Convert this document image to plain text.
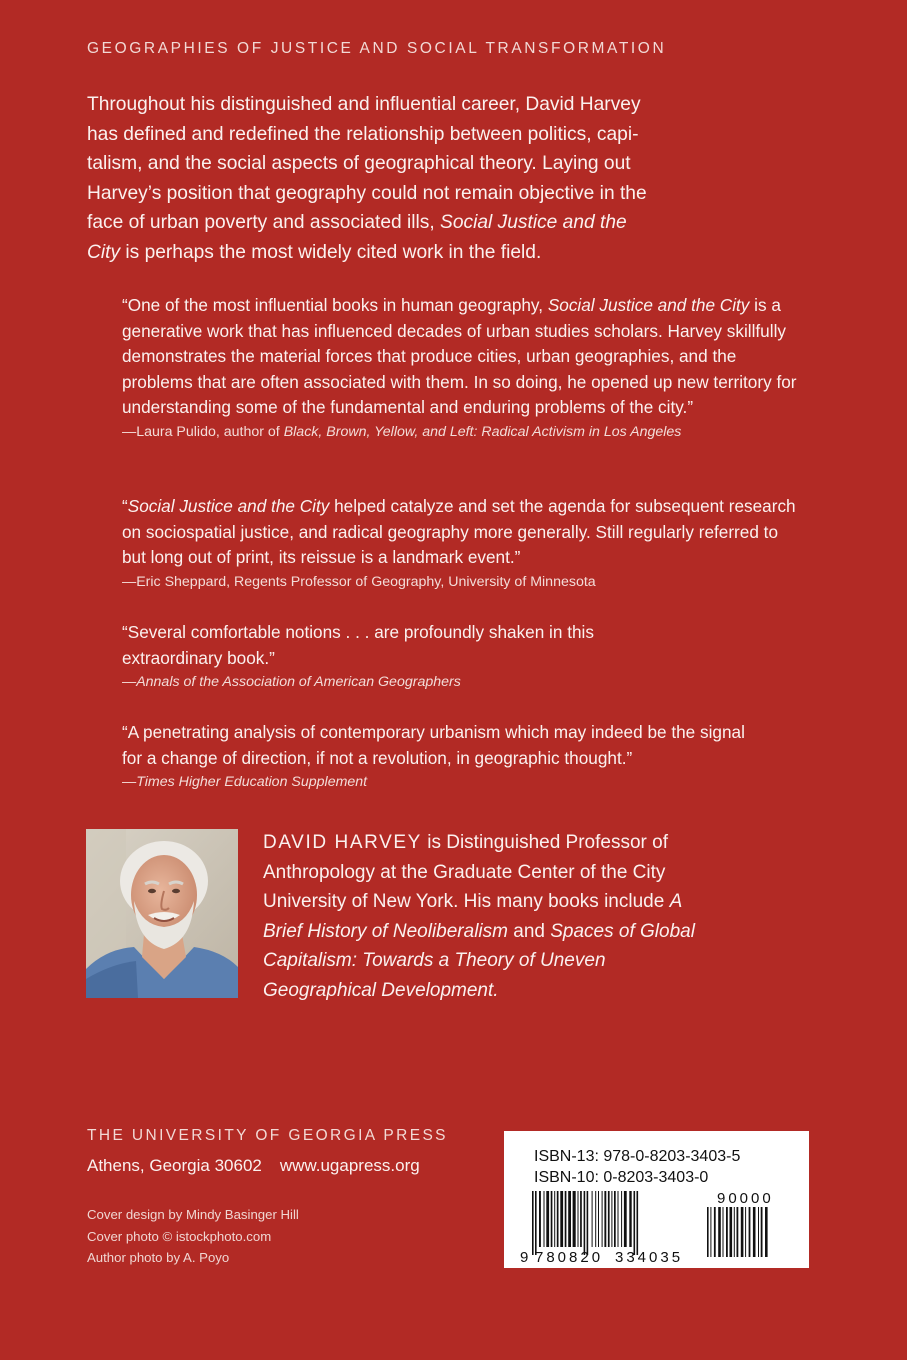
GEOGRAPHIES OF JUSTICE AND SOCIAL TRANSFORMATION
Throughout his distinguished and influential career, David Harvey
has defined and redefined the relationship between politics, capi-
talism, and the social aspects of geographical theory. Laying out
Harvey’s position that geography could not remain objective in the
face of urban poverty and associated ills, Social Justice and the
City is perhaps the most widely cited work in the field.
“One of the most influential books in human geography, Social Justice and the City is a generative work that has influenced decades of urban studies scholars. Harvey skillfully demonstrates the material forces that produce cities, urban geographies, and the problems that are often associated with them. In so doing, he opened up new territory for understanding some of the fundamental and enduring problems of the city.”
—Laura Pulido, author of Black, Brown, Yellow, and Left: Radical Activism in Los Angeles
“Social Justice and the City helped catalyze and set the agenda for subsequent research on sociospatial justice, and radical geography more generally. Still regularly referred to but long out of print, its reissue is a landmark event.”
—Eric Sheppard, Regents Professor of Geography, University of Minnesota
“Several comfortable notions . . . are profoundly shaken in this extraordinary book.”
—Annals of the Association of American Geographers
“A penetrating analysis of contemporary urbanism which may indeed be the signal for a change of direction, if not a revolution, in geographic thought.”
—Times Higher Education Supplement
DAVID HARVEY is Distinguished Professor of Anthropology at the Graduate Center of the City University of New York. His many books include A Brief History of Neoliberalism and Spaces of Global Capitalism: Towards a Theory of Uneven Geographical Development.
THE UNIVERSITY OF GEORGIA PRESS
Athens, Georgia 30602 www.ugapress.org
Cover design by Mindy Basinger Hill
Cover photo © istockphoto.com
Author photo by A. Poyo
ISBN-13: 978-0-8203-3403-5
ISBN-10: 0-8203-3403-0
9 780820 334035
90000
